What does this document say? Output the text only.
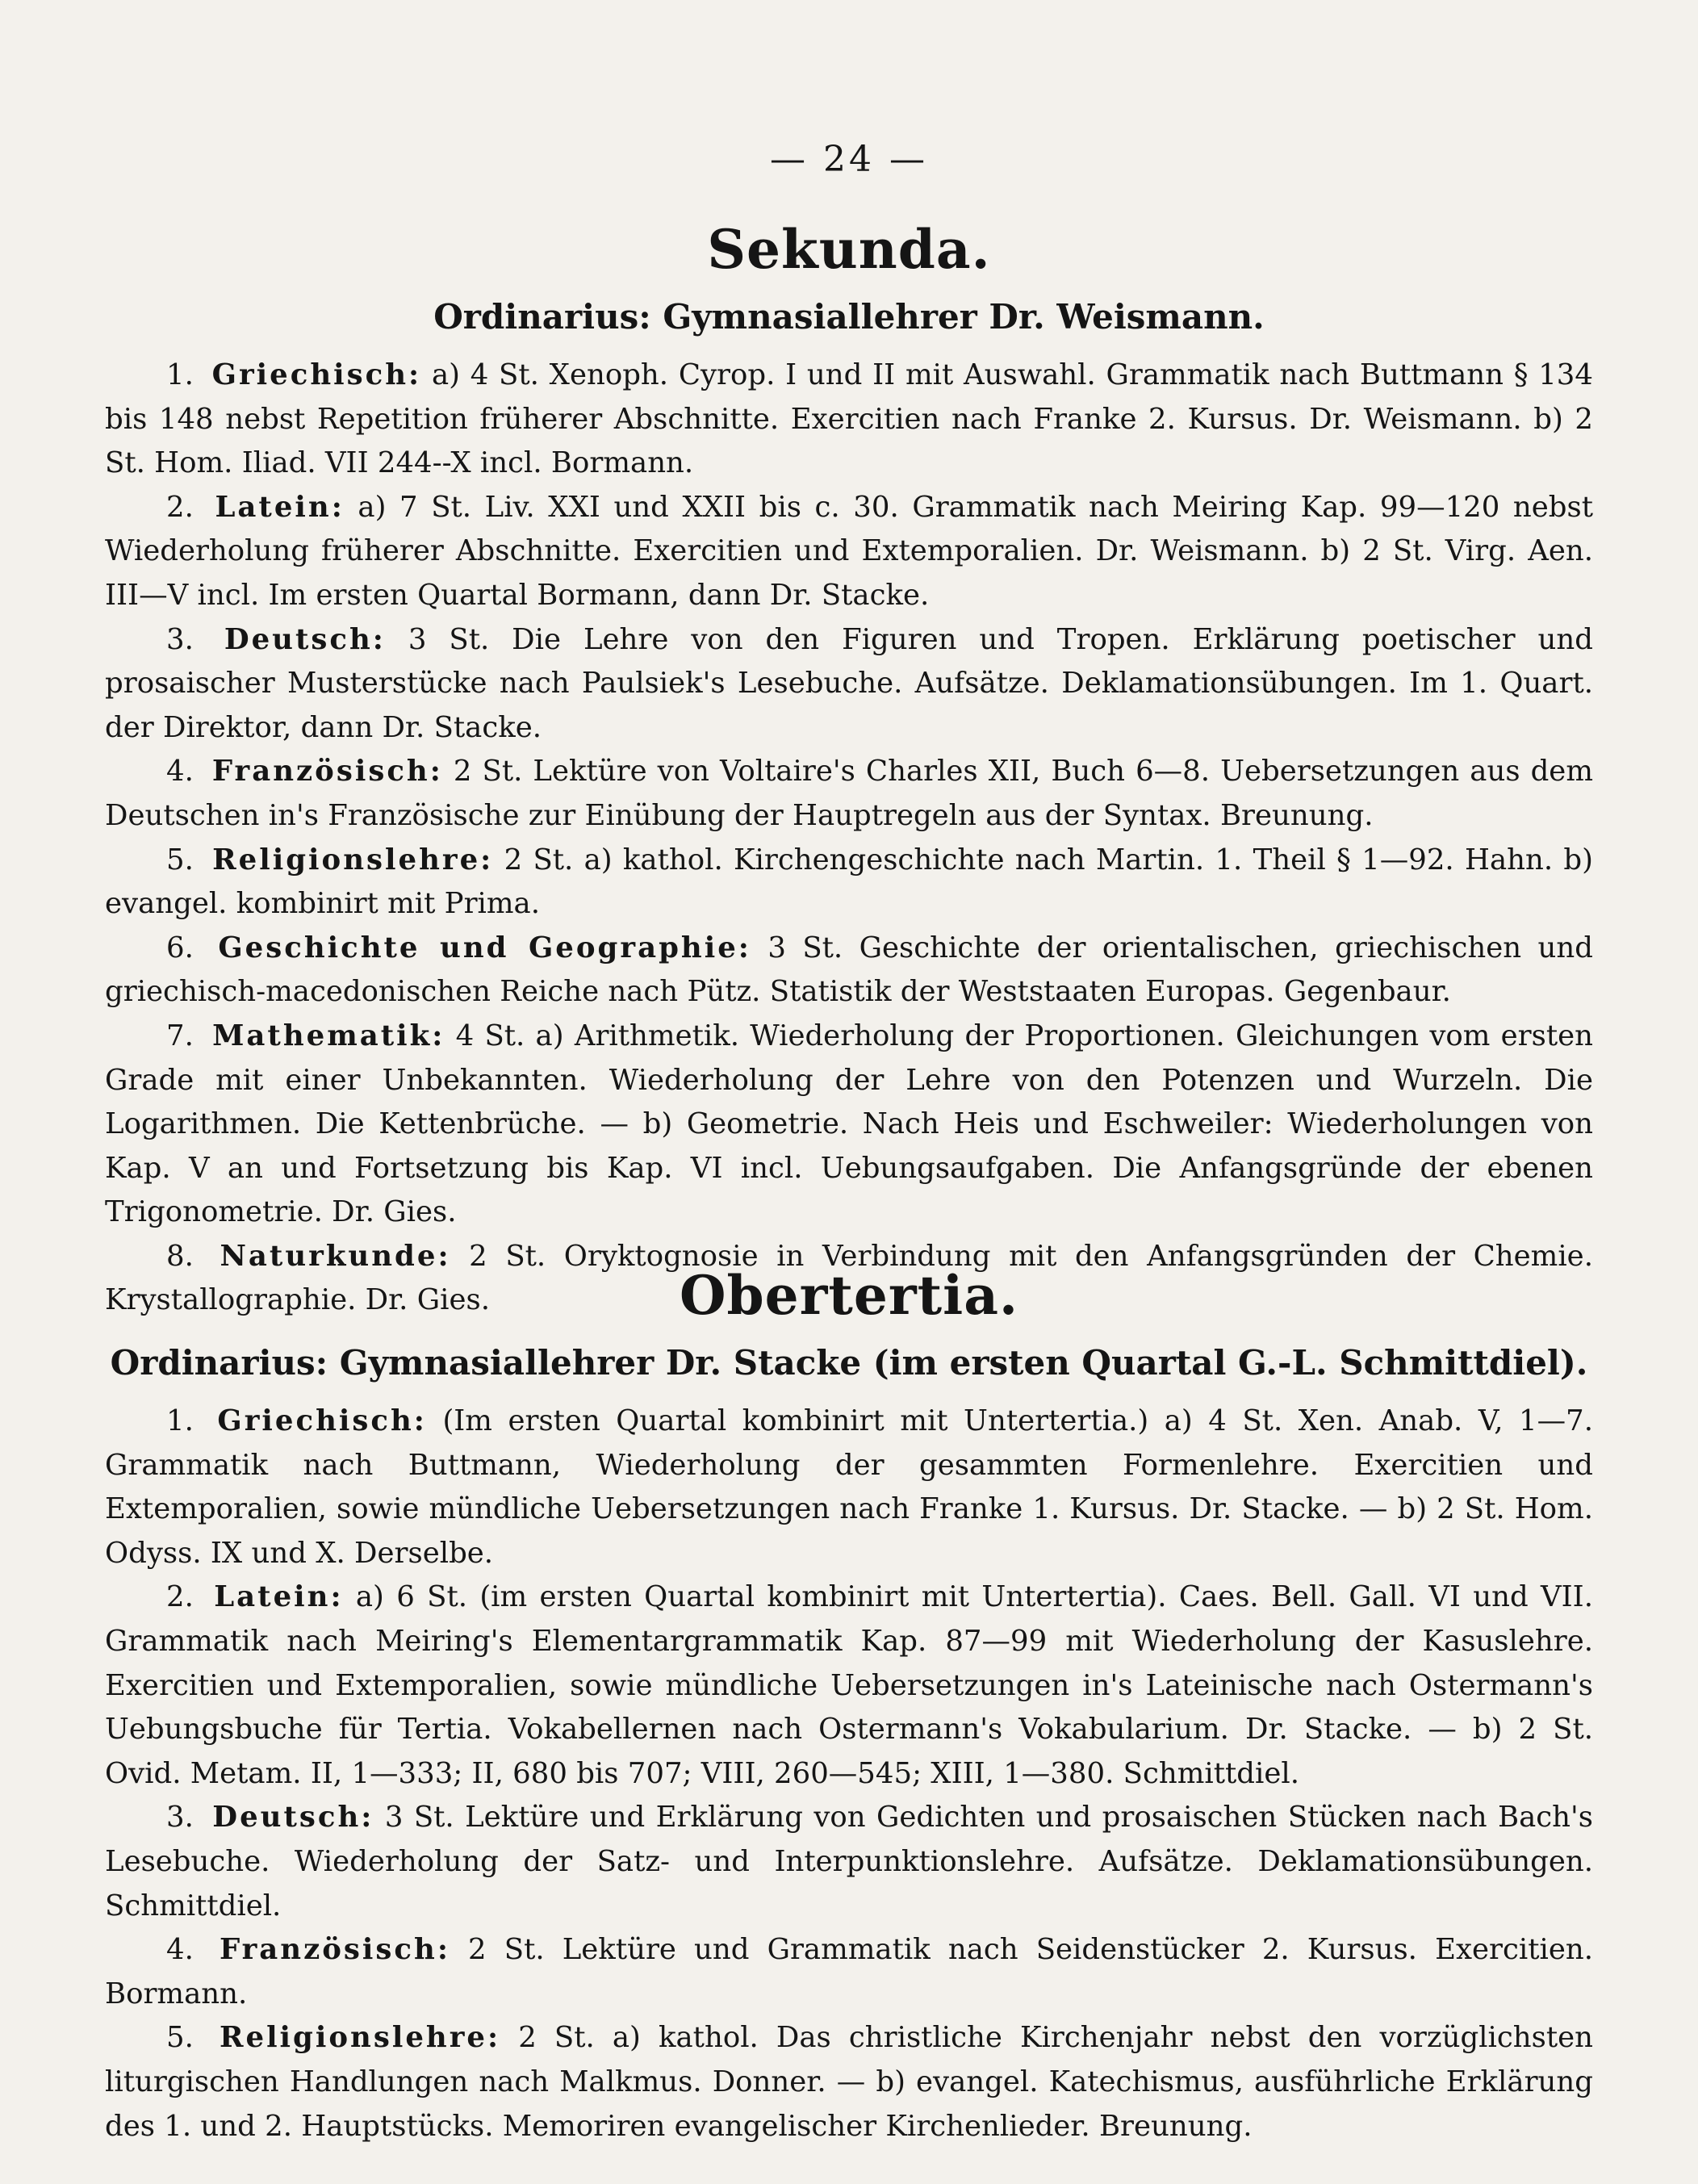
— 24 —
Sekunda.
Ordinarius: Gymnasiallehrer Dr. Weismann.
1. Griechisch: a) 4 St. Xenoph. Cyrop. I und II mit Auswahl. Grammatik nach Buttmann § 134 bis 148 nebst Repetition früherer Abschnitte. Exercitien nach Franke 2. Kursus. Dr. Weismann. b) 2 St. Hom. Iliad. VII 244--X incl. Bormann.
2. Latein: a) 7 St. Liv. XXI und XXII bis c. 30. Grammatik nach Meiring Kap. 99—120 nebst Wiederholung früherer Abschnitte. Exercitien und Extemporalien. Dr. Weismann. b) 2 St. Virg. Aen. III—V incl. Im ersten Quartal Bormann, dann Dr. Stacke.
3. Deutsch: 3 St. Die Lehre von den Figuren und Tropen. Erklärung poetischer und prosaischer Musterstücke nach Paulsiek's Lesebuche. Aufsätze. Deklamationsübungen. Im 1. Quart. der Direktor, dann Dr. Stacke.
4. Französisch: 2 St. Lektüre von Voltaire's Charles XII, Buch 6—8. Uebersetzungen aus dem Deutschen in's Französische zur Einübung der Hauptregeln aus der Syntax. Breunung.
5. Religionslehre: 2 St. a) kathol. Kirchengeschichte nach Martin. 1. Theil § 1—92. Hahn. b) evangel. kombinirt mit Prima.
6. Geschichte und Geographie: 3 St. Geschichte der orientalischen, griechischen und griechisch-macedonischen Reiche nach Pütz. Statistik der Weststaaten Europas. Gegenbaur.
7. Mathematik: 4 St. a) Arithmetik. Wiederholung der Proportionen. Gleichungen vom ersten Grade mit einer Unbekannten. Wiederholung der Lehre von den Potenzen und Wurzeln. Die Logarithmen. Die Kettenbrüche. — b) Geometrie. Nach Heis und Eschweiler: Wiederholungen von Kap. V an und Fortsetzung bis Kap. VI incl. Uebungsaufgaben. Die Anfangsgründe der ebenen Trigonometrie. Dr. Gies.
8. Naturkunde: 2 St. Oryktognosie in Verbindung mit den Anfangsgründen der Chemie. Krystallographie. Dr. Gies.	Obertertia.
Ordinarius: Gymnasiallehrer Dr. Stacke (im ersten Quartal G.-L. Schmittdiel).
1. Griechisch: (Im ersten Quartal kombinirt mit Untertertia.) a) 4 St. Xen. Anab. V, 1—7. Grammatik nach Buttmann, Wiederholung der gesammten Formenlehre. Exercitien und Extemporalien, sowie mündliche Uebersetzungen nach Franke 1. Kursus. Dr. Stacke. — b) 2 St. Hom. Odyss. IX und X. Derselbe.
2. Latein: a) 6 St. (im ersten Quartal kombinirt mit Untertertia). Caes. Bell. Gall. VI und VII. Grammatik nach Meiring's Elementargrammatik Kap. 87—99 mit Wiederholung der Kasuslehre. Exercitien und Extemporalien, sowie mündliche Uebersetzungen in's Lateinische nach Ostermann's Uebungsbuche für Tertia. Vokabellernen nach Ostermann's Vokabularium. Dr. Stacke. — b) 2 St. Ovid. Metam. II, 1—333; II, 680 bis 707; VIII, 260—545; XIII, 1—380. Schmittdiel.
3. Deutsch: 3 St. Lektüre und Erklärung von Gedichten und prosaischen Stücken nach Bach's Lesebuche. Wiederholung der Satz- und Interpunktionslehre. Aufsätze. Deklamationsübungen. Schmittdiel.
4. Französisch: 2 St. Lektüre und Grammatik nach Seidenstücker 2. Kursus. Exercitien. Bormann.
5. Religionslehre: 2 St. a) kathol. Das christliche Kirchenjahr nebst den vorzüglichsten liturgischen Handlungen nach Malkmus. Donner. — b) evangel. Katechismus, ausführliche Erklärung des 1. und 2. Hauptstücks. Memoriren evangelischer Kirchenlieder. Breunung.
